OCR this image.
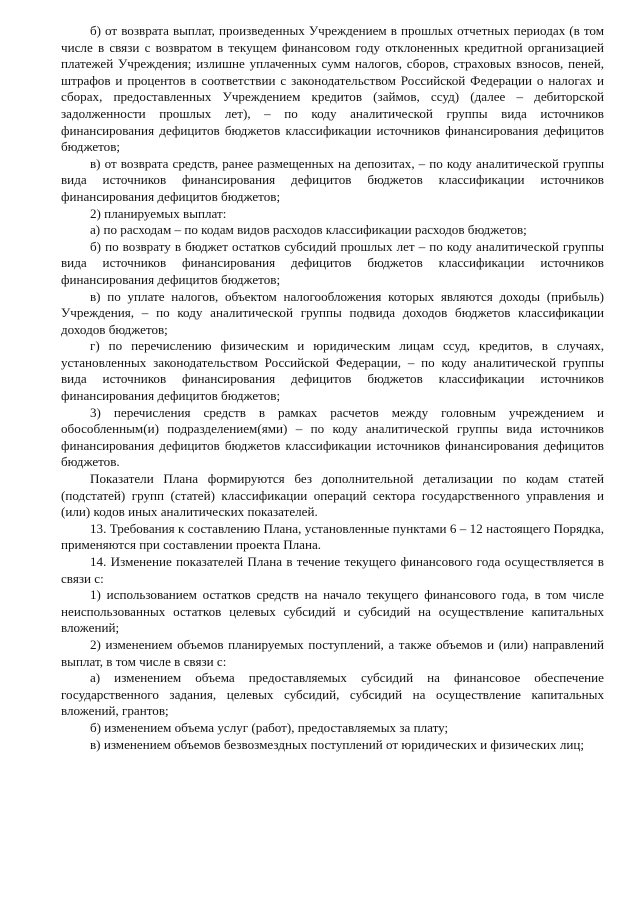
б) от возврата выплат, произведенных Учреждением в прошлых отчетных периодах (в том числе в связи с возвратом в текущем финансовом году отклоненных кредитной организацией платежей Учреждения; излишне уплаченных сумм налогов, сборов, страховых взносов, пеней, штрафов и процентов в соответствии с законодательством Российской Федерации о налогах и сборах, предоставленных Учреждением кредитов (займов, ссуд) (далее – дебиторской задолженности прошлых лет), – по коду аналитической группы вида источников финансирования дефицитов бюджетов классификации источников финансирования дефицитов бюджетов;

в) от возврата средств, ранее размещенных на депозитах, – по коду аналитической группы вида источников финансирования дефицитов бюджетов классификации источников финансирования дефицитов бюджетов;

2) планируемых выплат:

а) по расходам – по кодам видов расходов классификации расходов бюджетов;

б) по возврату в бюджет остатков субсидий прошлых лет – по коду аналитической группы вида источников финансирования дефицитов бюджетов классификации источников финансирования дефицитов бюджетов;

в) по уплате налогов, объектом налогообложения которых являются доходы (прибыль) Учреждения, – по коду аналитической группы подвида доходов бюджетов классификации доходов бюджетов;

г) по перечислению физическим и юридическим лицам ссуд, кредитов, в случаях, установленных законодательством Российской Федерации, – по коду аналитической группы вида источников финансирования дефицитов бюджетов классификации источников финансирования дефицитов бюджетов;

3) перечисления средств в рамках расчетов между головным учреждением и обособленным(и) подразделением(ями) – по коду аналитической группы вида источников финансирования дефицитов бюджетов классификации источников финансирования дефицитов бюджетов.

Показатели Плана формируются без дополнительной детализации по кодам статей (подстатей) групп (статей) классификации операций сектора государственного управления и (или) кодов иных аналитических показателей.

13. Требования к составлению Плана, установленные пунктами 6 – 12 настоящего Порядка, применяются при составлении проекта Плана.

14. Изменение показателей Плана в течение текущего финансового года осуществляется в связи с:

1) использованием остатков средств на начало текущего финансового года, в том числе неиспользованных остатков целевых субсидий и субсидий на осуществление капитальных вложений;

2) изменением объемов планируемых поступлений, а также объемов и (или) направлений выплат, в том числе в связи с:

а) изменением объема предоставляемых субсидий на финансовое обеспечение государственного задания, целевых субсидий, субсидий на осуществление капитальных вложений, грантов;

б) изменением объема услуг (работ), предоставляемых за плату;

в) изменением объемов безвозмездных поступлений от юридических и физических лиц;
